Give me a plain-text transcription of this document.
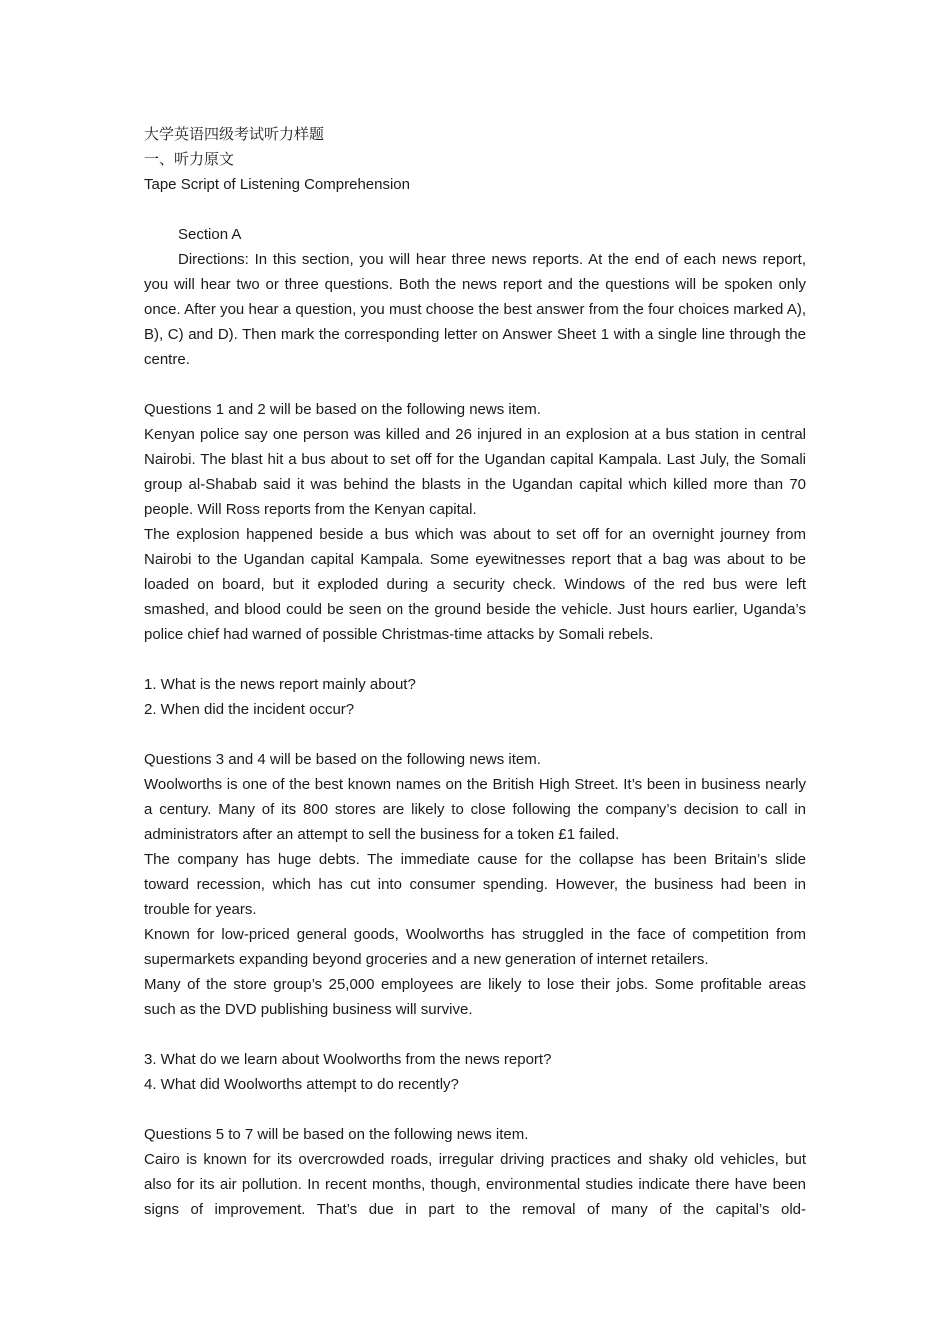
大学英语四级考试听力样题
一、听力原文
Tape Script of Listening Comprehension
Section A
Directions: In this section, you will hear three news reports. At the end of each news report, you will hear two or three questions. Both the news report and the questions will be spoken only once. After you hear a question, you must choose the best answer from the four choices marked A), B), C) and D). Then mark the corresponding letter on Answer Sheet 1 with a single line through the centre.
Questions 1 and 2 will be based on the following news item.
Kenyan police say one person was killed and 26 injured in an explosion at a bus station in central Nairobi. The blast hit a bus about to set off for the Ugandan capital Kampala. Last July, the Somali group al-Shabab said it was behind the blasts in the Ugandan capital which killed more than 70 people. Will Ross reports from the Kenyan capital.
The explosion happened beside a bus which was about to set off for an overnight journey from Nairobi to the Ugandan capital Kampala. Some eyewitnesses report that a bag was about to be loaded on board, but it exploded during a security check. Windows of the red bus were left smashed, and blood could be seen on the ground beside the vehicle. Just hours earlier, Uganda’s police chief had warned of possible Christmas-time attacks by Somali rebels.
1. What is the news report mainly about?
2. When did the incident occur?
Questions 3 and 4 will be based on the following news item.
Woolworths is one of the best known names on the British High Street. It’s been in business nearly a century. Many of its 800 stores are likely to close following the company’s decision to call in administrators after an attempt to sell the business for a token £1 failed.
The company has huge debts. The immediate cause for the collapse has been Britain’s slide toward recession, which has cut into consumer spending. However, the business had been in trouble for years.
Known for low-priced general goods, Woolworths has struggled in the face of competition from supermarkets expanding beyond groceries and a new generation of internet retailers.
Many of the store group’s 25,000 employees are likely to lose their jobs. Some profitable areas such as the DVD publishing business will survive.
3. What do we learn about Woolworths from the news report?
4. What did Woolworths attempt to do recently?
Questions 5 to 7 will be based on the following news item.
Cairo is known for its overcrowded roads, irregular driving practices and shaky old vehicles, but also for its air pollution. In recent months, though, environmental studies indicate there have been signs of improvement. That’s due in part to the removal of many of the capital’s old-
